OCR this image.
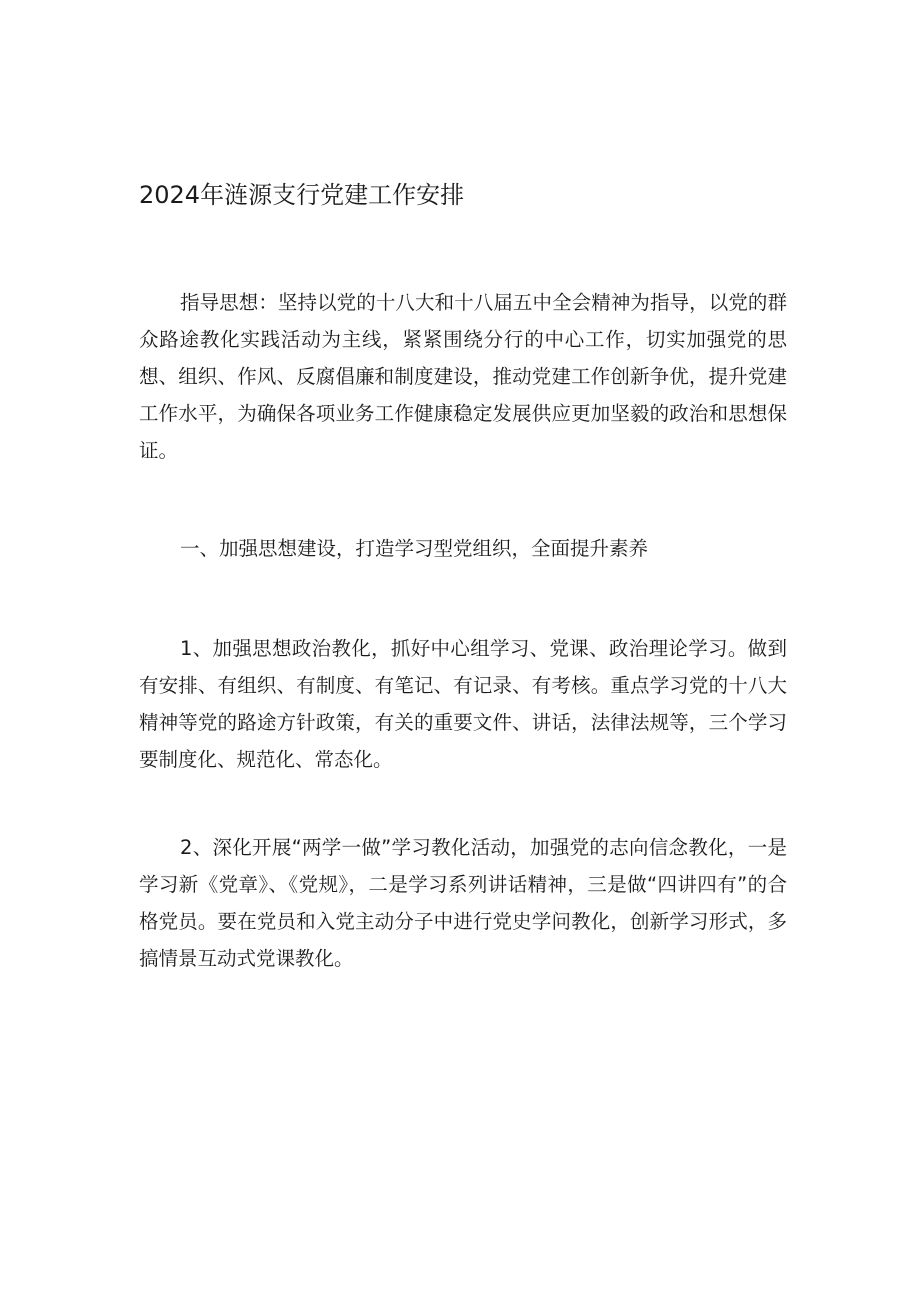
2024年涟源支行党建工作安排

指导思想：坚持以党的十八大和十八届五中全会精神为指导，以党的群众路途教化实践活动为主线，紧紧围绕分行的中心工作，切实加强党的思想、组织、作风、反腐倡廉和制度建设，推动党建工作创新争优，提升党建工作水平，为确保各项业务工作健康稳定发展供应更加坚毅的政治和思想保证。

一、加强思想建设，打造学习型党组织，全面提升素养

1、加强思想政治教化，抓好中心组学习、党课、政治理论学习。做到有安排、有组织、有制度、有笔记、有记录、有考核。重点学习党的十八大精神等党的路途方针政策，有关的重要文件、讲话，法律法规等，三个学习要制度化、规范化、常态化。

2、深化开展“两学一做”学习教化活动，加强党的志向信念教化，一是学习新《党章》、《党规》，二是学习系列讲话精神，三是做“四讲四有”的合格党员。要在党员和入党主动分子中进行党史学问教化，创新学习形式，多搞情景互动式党课教化。
